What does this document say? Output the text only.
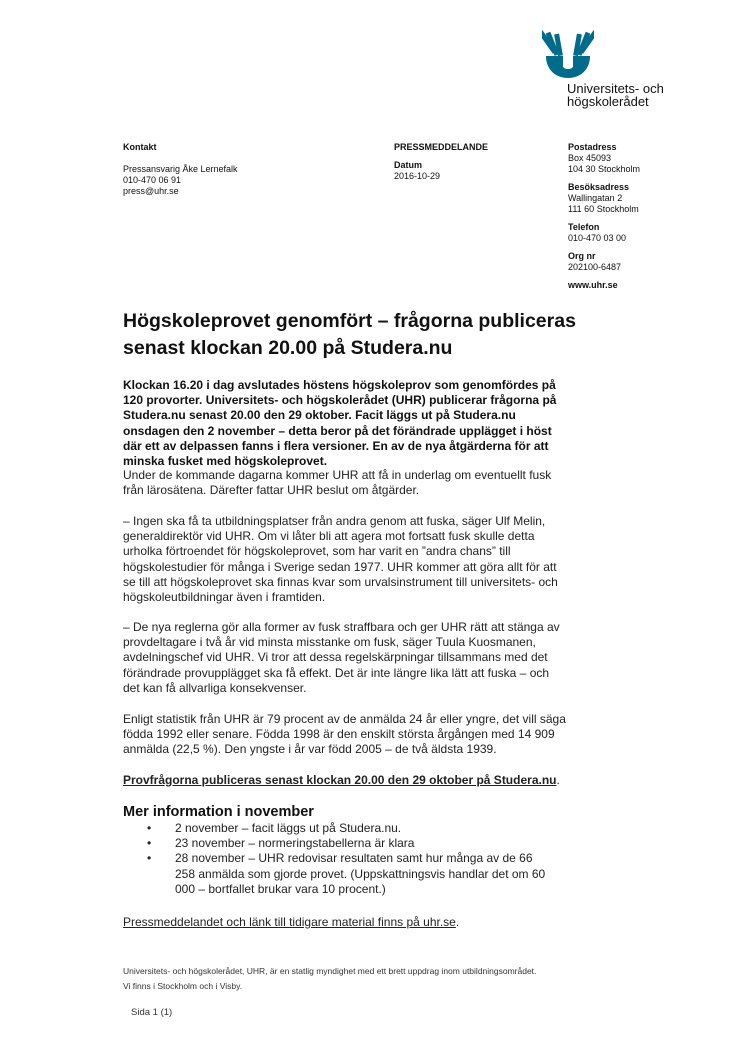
Universitets- och
högskolerådet
Kontakt
Pressansvarig Åke Lernefalk
010-470 06 91
press@uhr.se
PRESSMEDDELANDE
Datum
2016-10-29
Postadress
Box 45093
104 30 Stockholm
Besöksadress
Wallingatan 2
111 60 Stockholm
Telefon
010-470 03 00
Org nr
202100-6487
www.uhr.se
Högskoleprovet genomfört – frågorna publiceras
senast klockan 20.00 på Studera.nu
Klockan 16.20 i dag avslutades höstens högskoleprov som genomfördes på 120 provorter. Universitets- och högskolerådet (UHR) publicerar frågorna på Studera.nu senast 20.00 den 29 oktober. Facit läggs ut på Studera.nu onsdagen den 2 november – detta beror på det förändrade upplägget i höst där ett av delpassen fanns i flera versioner. En av de nya åtgärderna för att minska fusket med högskoleprovet.
Under de kommande dagarna kommer UHR att få in underlag om eventuellt fusk från lärosätena. Därefter fattar UHR beslut om åtgärder.
– Ingen ska få ta utbildningsplatser från andra genom att fuska, säger Ulf Melin, generaldirektör vid UHR. Om vi låter bli att agera mot fortsatt fusk skulle detta urholka förtroendet för högskoleprovet, som har varit en ”andra chans” till högskolestudier för många i Sverige sedan 1977. UHR kommer att göra allt för att se till att högskoleprovet ska finnas kvar som urvalsinstrument till universitets- och högskoleutbildningar även i framtiden.
– De nya reglerna gör alla former av fusk straffbara och ger UHR rätt att stänga av provdeltagare i två år vid minsta misstanke om fusk, säger Tuula Kuosmanen, avdelningschef vid UHR. Vi tror att dessa regelskärpningar tillsammans med det förändrade provupplägget ska få effekt. Det är inte längre lika lätt att fuska – och det kan få allvarliga konsekvenser.
Enligt statistik från UHR är 79 procent av de anmälda 24 år eller yngre, det vill säga födda 1992 eller senare. Födda 1998 är den enskilt största årgången med 14 909 anmälda (22,5 %). Den yngste i år var född 2005 – de två äldsta 1939.
Provfrågorna publiceras senast klockan 20.00 den 29 oktober på Studera.nu.
Mer information i november
• 2 november – facit läggs ut på Studera.nu.
• 23 november – normeringstabellerna är klara
• 28 november – UHR redovisar resultaten samt hur många av de 66 258 anmälda som gjorde provet. (Uppskattningsvis handlar det om 60 000 – bortfallet brukar vara 10 procent.)
Pressmeddelandet och länk till tidigare material finns på uhr.se.
Universitets- och högskolerådet, UHR, är en statlig myndighet med ett brett uppdrag inom utbildningsområdet. Vi finns i Stockholm och i Visby.
Sida 1 (1)
